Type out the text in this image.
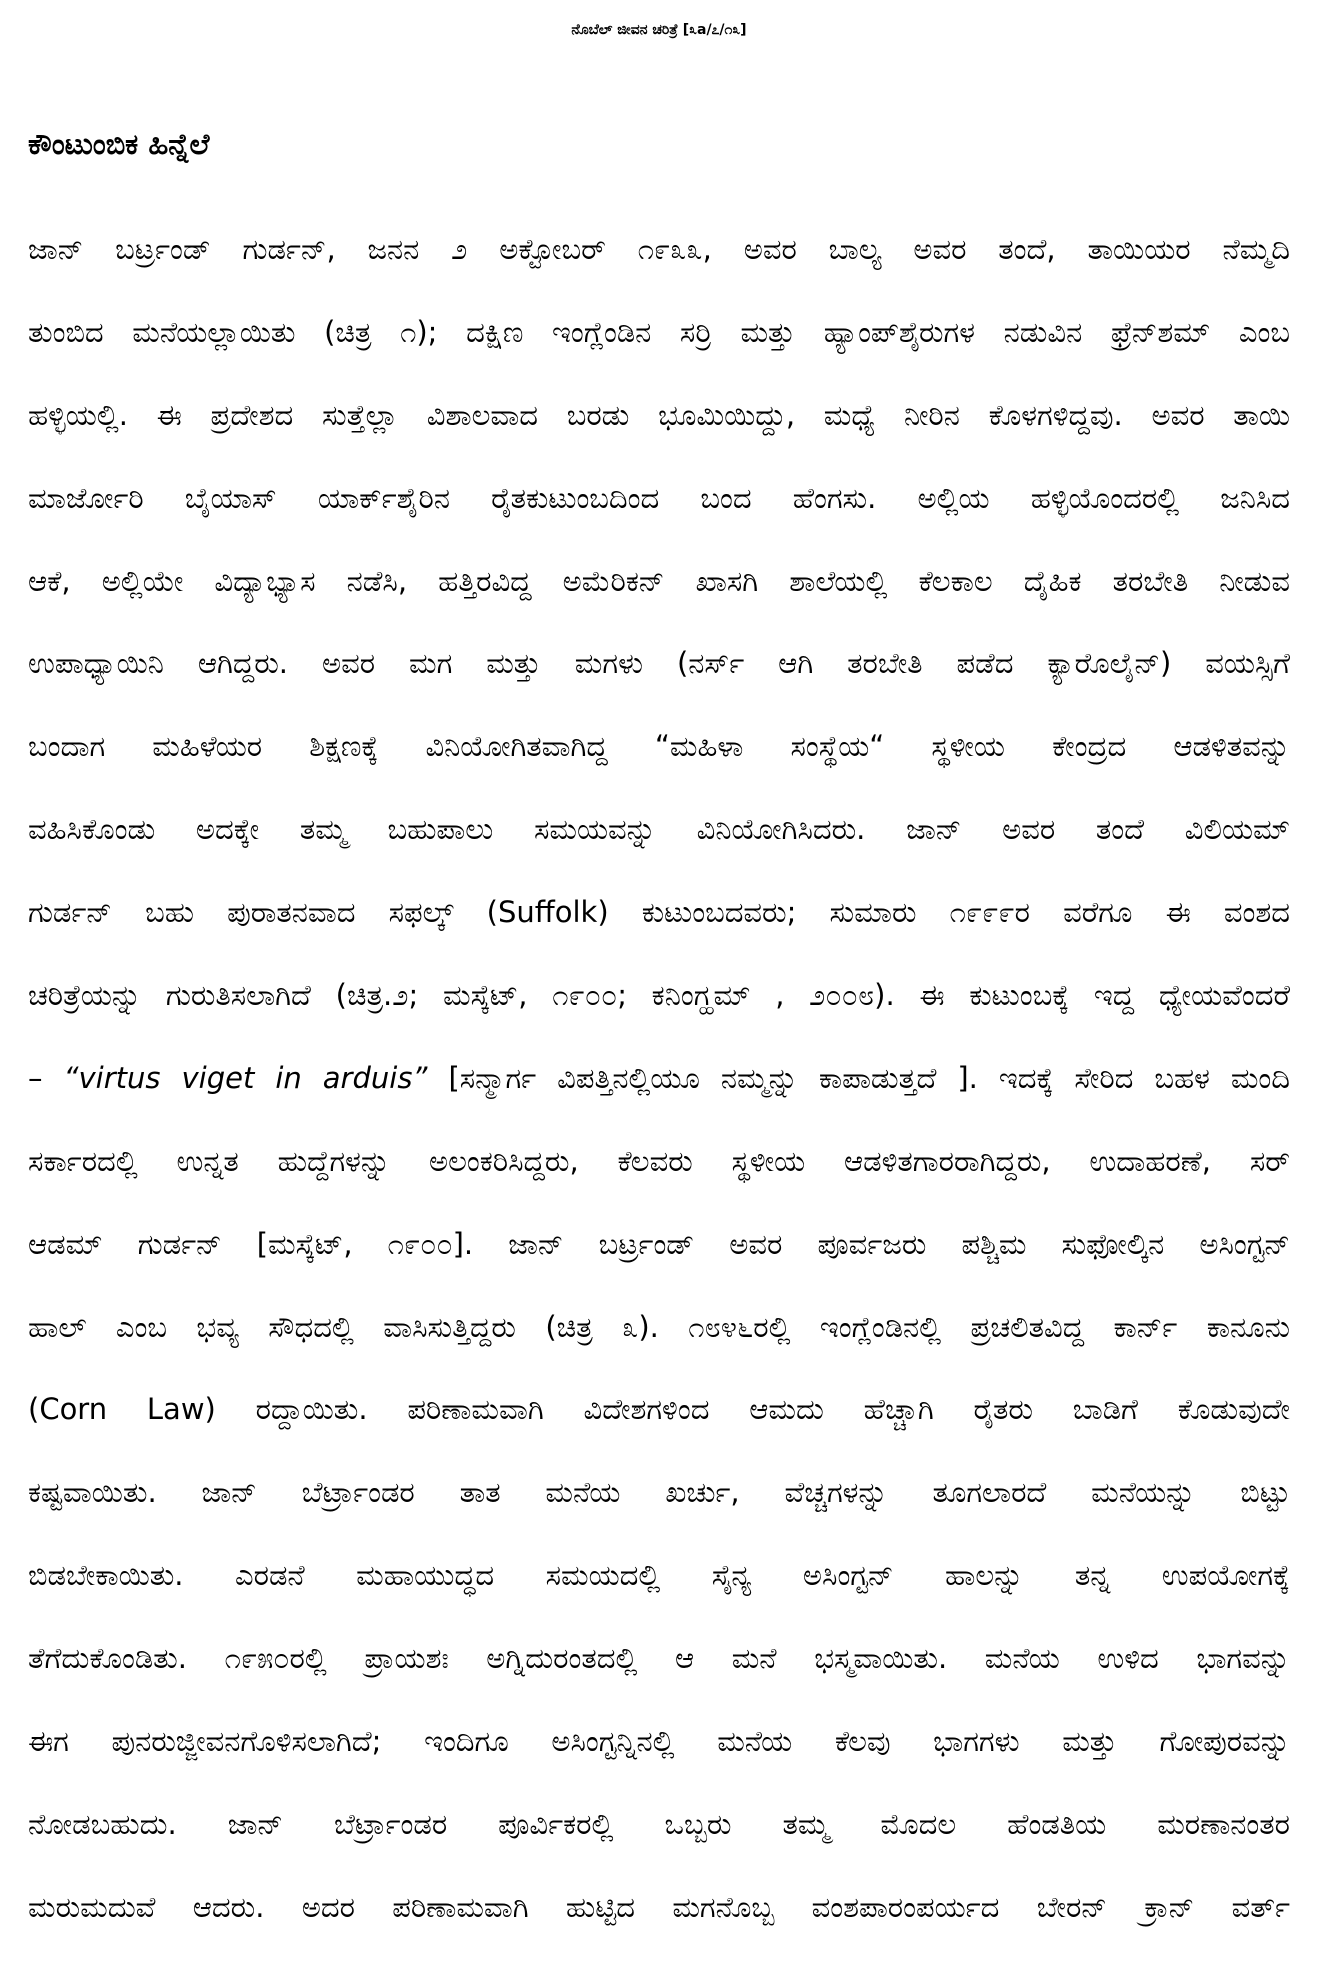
ನೊಬೆಲ್ ಜೀವನ ಚರಿತ್ರೆ [೩a/೭/೧೩]
ಕೌಂಟುಂಬಿಕ ಹಿನ್ನೆಲೆ
ಜಾನ್ ಬರ್ಟ್ರಂಡ್ ಗುರ್ಡನ್, ಜನನ ೨ ಅಕ್ಟೋಬರ್ ೧೯೩೩, ಅವರ ಬಾಲ್ಯ ಅವರ ತಂದೆ, ತಾಯಿಯರ ನೆಮ್ಮದಿ
ತುಂಬಿದ ಮನೆಯಲ್ಲಾಯಿತು (ಚಿತ್ರ ೧); ದಕ್ಷಿಣ ಇಂಗ್ಲೆಂಡಿನ ಸರ್ರಿ ಮತ್ತು ಹ್ಯಾಂಪ್‌ಶೈರುಗಳ ನಡುವಿನ ಫ್ರೆನ್‌ಶಮ್ ಎಂಬ
ಹಳ್ಳಿಯಲ್ಲಿ. ಈ ಪ್ರದೇಶದ ಸುತ್ತೆಲ್ಲಾ ವಿಶಾಲವಾದ ಬರಡು ಭೂಮಿಯಿದ್ದು, ಮಧ್ಯೆ ನೀರಿನ ಕೊಳಗಳಿದ್ದವು. ಅವರ ತಾಯಿ
ಮಾರ್ಜೋರಿ ಬೈಯಾಸ್ ಯಾರ್ಕ್‌ಶೈರಿನ ರೈತಕುಟುಂಬದಿಂದ ಬಂದ ಹೆಂಗಸು. ಅಲ್ಲಿಯ ಹಳ್ಳಿಯೊಂದರಲ್ಲಿ ಜನಿಸಿದ
ಆಕೆ, ಅಲ್ಲಿಯೇ ವಿದ್ಯಾಭ್ಯಾಸ ನಡೆಸಿ, ಹತ್ತಿರವಿದ್ದ ಅಮೆರಿಕನ್ ಖಾಸಗಿ ಶಾಲೆಯಲ್ಲಿ ಕೆಲಕಾಲ ದೈಹಿಕ ತರಬೇತಿ ನೀಡುವ
ಉಪಾಧ್ಯಾಯಿನಿ ಆಗಿದ್ದರು. ಅವರ ಮಗ ಮತ್ತು ಮಗಳು (ನರ್ಸ್ ಆಗಿ ತರಬೇತಿ ಪಡೆದ ಕ್ಯಾರೊಲೈನ್) ವಯಸ್ಸಿಗೆ
ಬಂದಾಗ ಮಹಿಳೆಯರ ಶಿಕ್ಷಣಕ್ಕೆ ವಿನಿಯೋಗಿತವಾಗಿದ್ದ “ಮಹಿಳಾ ಸಂಸ್ಥೆಯ“ ಸ್ಥಳೀಯ ಕೇಂದ್ರದ ಆಡಳಿತವನ್ನು
ವಹಿಸಿಕೊಂಡು ಅದಕ್ಕೇ ತಮ್ಮ ಬಹುಪಾಲು ಸಮಯವನ್ನು ವಿನಿಯೋಗಿಸಿದರು. ಜಾನ್ ಅವರ ತಂದೆ ವಿಲಿಯಮ್
ಗುರ್ಡನ್ ಬಹು ಪುರಾತನವಾದ ಸಫಲ್ಕ್ (Suffolk) ಕುಟುಂಬದವರು; ಸುಮಾರು ೧೯೯೯ರ ವರೆಗೂ ಈ ವಂಶದ
ಚರಿತ್ರೆಯನ್ನು ಗುರುತಿಸಲಾಗಿದೆ (ಚಿತ್ರ.೨; ಮಸ್ಕೆಟ್, ೧೯೦೦; ಕನಿಂಗ್ಹಮ್ , ೨೦೦೮). ಈ ಕುಟುಂಬಕ್ಕೆ ಇದ್ದ ಧ್ಯೇಯವೆಂದರೆ
– “virtus viget in arduis” [ಸನ್ಮಾರ್ಗ ವಿಪತ್ತಿನಲ್ಲಿಯೂ ನಮ್ಮನ್ನು ಕಾಪಾಡುತ್ತದೆ ]. ಇದಕ್ಕೆ ಸೇರಿದ ಬಹಳ ಮಂದಿ
ಸರ್ಕಾರದಲ್ಲಿ ಉನ್ನತ ಹುದ್ದೆಗಳನ್ನು ಅಲಂಕರಿಸಿದ್ದರು, ಕೆಲವರು ಸ್ಥಳೀಯ ಆಡಳಿತಗಾರರಾಗಿದ್ದರು, ಉದಾಹರಣೆ, ಸರ್
ಆಡಮ್ ಗುರ್ಡನ್ [ಮಸ್ಕೆಟ್, ೧೯೦೦]. ಜಾನ್ ಬರ್ಟ್ರಂಡ್ ಅವರ ಪೂರ್ವಜರು ಪಶ್ಚಿಮ ಸುಫೋಲ್ಕಿನ ಅಸಿಂಗ್ಟನ್
ಹಾಲ್ ಎಂಬ ಭವ್ಯ ಸೌಧದಲ್ಲಿ ವಾಸಿಸುತ್ತಿದ್ದರು (ಚಿತ್ರ ೩). ೧೮೪೬ರಲ್ಲಿ ಇಂಗ್ಲೆಂಡಿನಲ್ಲಿ ಪ್ರಚಲಿತವಿದ್ದ ಕಾರ್ನ್ ಕಾನೂನು
(Corn Law) ರದ್ದಾಯಿತು. ಪರಿಣಾಮವಾಗಿ ವಿದೇಶಗಳಿಂದ ಆಮದು ಹೆಚ್ಚಾಗಿ ರೈತರು ಬಾಡಿಗೆ ಕೊಡುವುದೇ
ಕಷ್ಟವಾಯಿತು. ಜಾನ್ ಬೆರ್ಟ್ರಾಂಡರ ತಾತ ಮನೆಯ ಖರ್ಚು, ವೆಚ್ಚಗಳನ್ನು ತೂಗಲಾರದೆ ಮನೆಯನ್ನು ಬಿಟ್ಟು
ಬಿಡಬೇಕಾಯಿತು. ಎರಡನೆ ಮಹಾಯುದ್ಧದ ಸಮಯದಲ್ಲಿ ಸೈನ್ಯ ಅಸಿಂಗ್ಟನ್ ಹಾಲನ್ನು ತನ್ನ ಉಪಯೋಗಕ್ಕೆ
ತೆಗೆದುಕೊಂಡಿತು. ೧೯೫೦ರಲ್ಲಿ ಪ್ರಾಯಶಃ ಅಗ್ನಿದುರಂತದಲ್ಲಿ ಆ ಮನೆ ಭಸ್ಮವಾಯಿತು. ಮನೆಯ ಉಳಿದ ಭಾಗವನ್ನು
ಈಗ ಪುನರುಜ್ಜೀವನಗೊಳಿಸಲಾಗಿದೆ; ಇಂದಿಗೂ ಅಸಿಂಗ್ಟನ್ನಿನಲ್ಲಿ ಮನೆಯ ಕೆಲವು ಭಾಗಗಳು ಮತ್ತು ಗೋಪುರವನ್ನು
ನೋಡಬಹುದು. ಜಾನ್ ಬೆರ್ಟ್ರಾಂಡರ ಪೂರ್ವಿಕರಲ್ಲಿ ಒಬ್ಬರು ತಮ್ಮ ಮೊದಲ ಹೆಂಡತಿಯ ಮರಣಾನಂತರ
ಮರುಮದುವೆ ಆದರು. ಅದರ ಪರಿಣಾಮವಾಗಿ ಹುಟ್ಟಿದ ಮಗನೊಬ್ಬ ವಂಶಪಾರಂಪರ್ಯದ ಬೇರನ್ ಕ್ರಾನ್ ವರ್ತ್
